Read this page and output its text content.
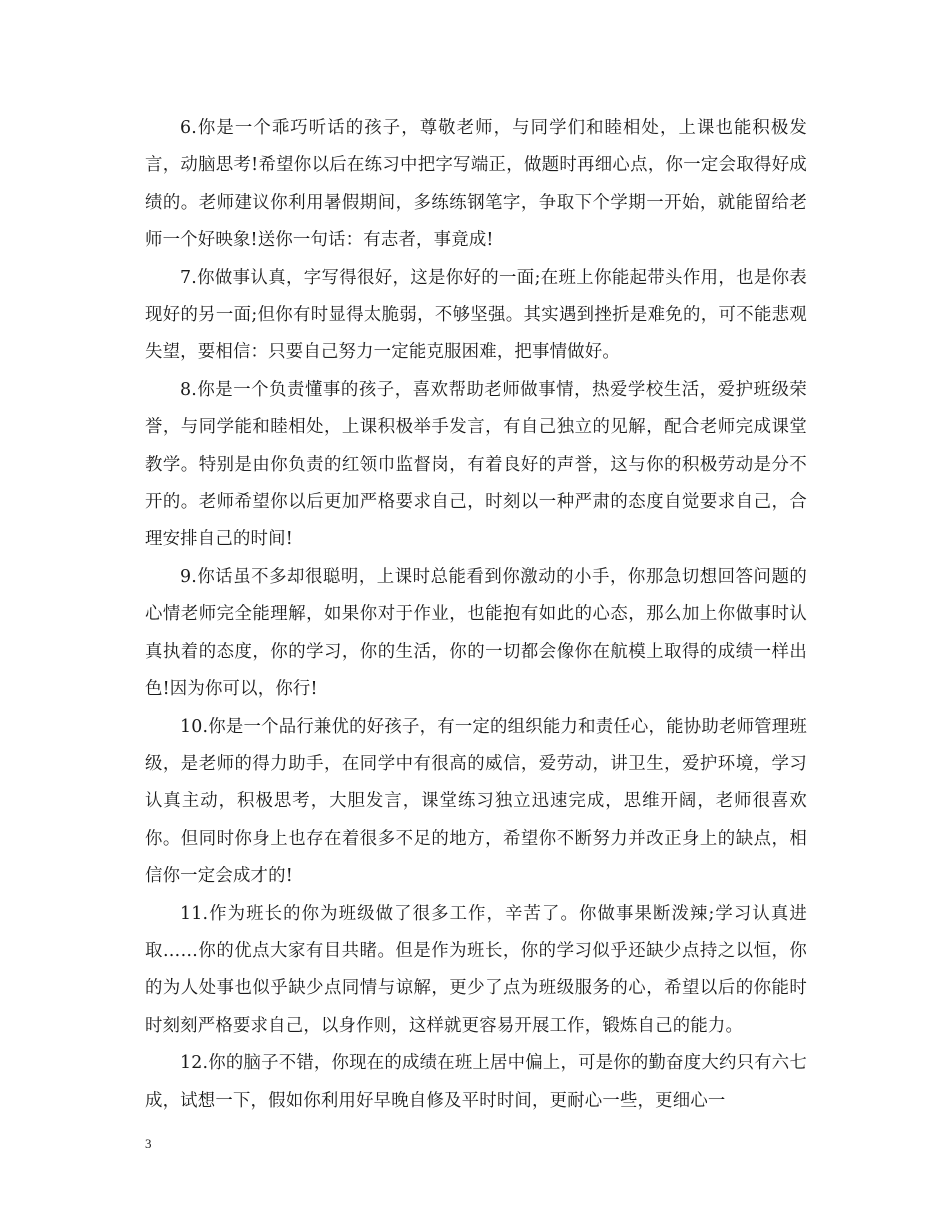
6.你是一个乖巧听话的孩子，尊敬老师，与同学们和睦相处，上课也能积极发言，动脑思考!希望你以后在练习中把字写端正，做题时再细心点，你一定会取得好成绩的。老师建议你利用暑假期间，多练练钢笔字，争取下个学期一开始，就能留给老师一个好映象!送你一句话：有志者，事竟成!

7.你做事认真，字写得很好，这是你好的一面;在班上你能起带头作用，也是你表现好的另一面;但你有时显得太脆弱，不够坚强。其实遇到挫折是难免的，可不能悲观失望，要相信：只要自己努力一定能克服困难，把事情做好。

8.你是一个负责懂事的孩子，喜欢帮助老师做事情，热爱学校生活，爱护班级荣誉，与同学能和睦相处，上课积极举手发言，有自己独立的见解，配合老师完成课堂教学。特别是由你负责的红领巾监督岗，有着良好的声誉，这与你的积极劳动是分不开的。老师希望你以后更加严格要求自己，时刻以一种严肃的态度自觉要求自己，合理安排自己的时间!

9.你话虽不多却很聪明，上课时总能看到你激动的小手，你那急切想回答问题的心情老师完全能理解，如果你对于作业，也能抱有如此的心态，那么加上你做事时认真执着的态度，你的学习，你的生活，你的一切都会像你在航模上取得的成绩一样出色!因为你可以，你行!

10.你是一个品行兼优的好孩子，有一定的组织能力和责任心，能协助老师管理班级，是老师的得力助手，在同学中有很高的威信，爱劳动，讲卫生，爱护环境，学习认真主动，积极思考，大胆发言，课堂练习独立迅速完成，思维开阔，老师很喜欢你。但同时你身上也存在着很多不足的地方，希望你不断努力并改正身上的缺点，相信你一定会成才的!

11.作为班长的你为班级做了很多工作，辛苦了。你做事果断泼辣;学习认真进取……你的优点大家有目共睹。但是作为班长，你的学习似乎还缺少点持之以恒，你的为人处事也似乎缺少点同情与谅解，更少了点为班级服务的心，希望以后的你能时时刻刻严格要求自己，以身作则，这样就更容易开展工作，锻炼自己的能力。

12.你的脑子不错，你现在的成绩在班上居中偏上，可是你的勤奋度大约只有六七成，试想一下，假如你利用好早晚自修及平时时间，更耐心一些，更细心一

3
